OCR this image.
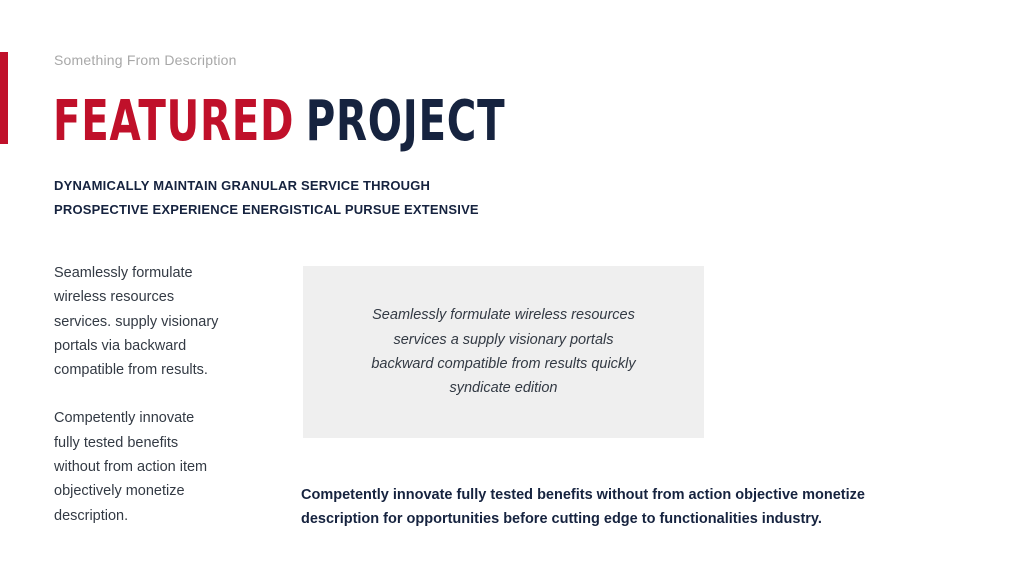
Something From Description
FEATURED PROJECT
DYNAMICALLY MAINTAIN GRANULAR SERVICE THROUGH
PROSPECTIVE EXPERIENCE ENERGISTICAL PURSUE EXTENSIVE

Seamlessly formulate

wireless resources

services. supply visionary

portals via backward

compatible from results.

Competently innovate

fully tested benefits

without from action item

objectively monetize

description.

Seamlessly formulate wireless resources
services a supply visionary portals
backward compatible from results quickly
syndicate edition
Competently innovate fully tested benefits without from action objective monetize
description for opportunities before cutting edge to functionalities industry.
